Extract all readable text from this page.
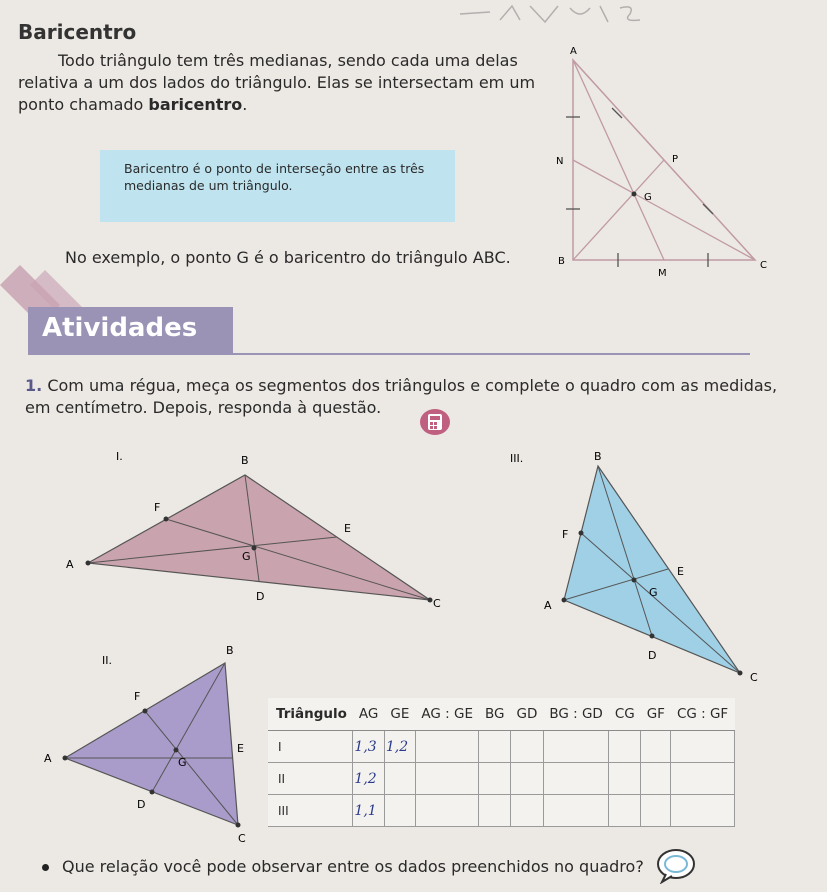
Baricentro
Todo triângulo tem três medianas, sendo cada uma delas relativa a um dos lados do triângulo. Elas se intersectam em um ponto chamado baricentro.
Baricentro é o ponto de interseção entre as três medianas de um triângulo.
No exemplo, o ponto G é o baricentro do triângulo ABC.
A
N	P
G
B
M
C
Atividades
1. Com uma régua, meça os segmentos dos triângulos e complete o quadro com as medidas, em centímetro. Depois, responda à questão.
I.	B
F
E
G
A
D
C
II.
B
F
A	G
E
D
C
III.	B
F
E
G
A
D
C
Triângulo	AG	GE	AG : GE	BG	GD	BG : GD	CG	GF	CG : GF
I	1,3	1,2							
II	1,2								
III	1,1								
Que relação você pode observar entre os dados preenchidos no quadro?
